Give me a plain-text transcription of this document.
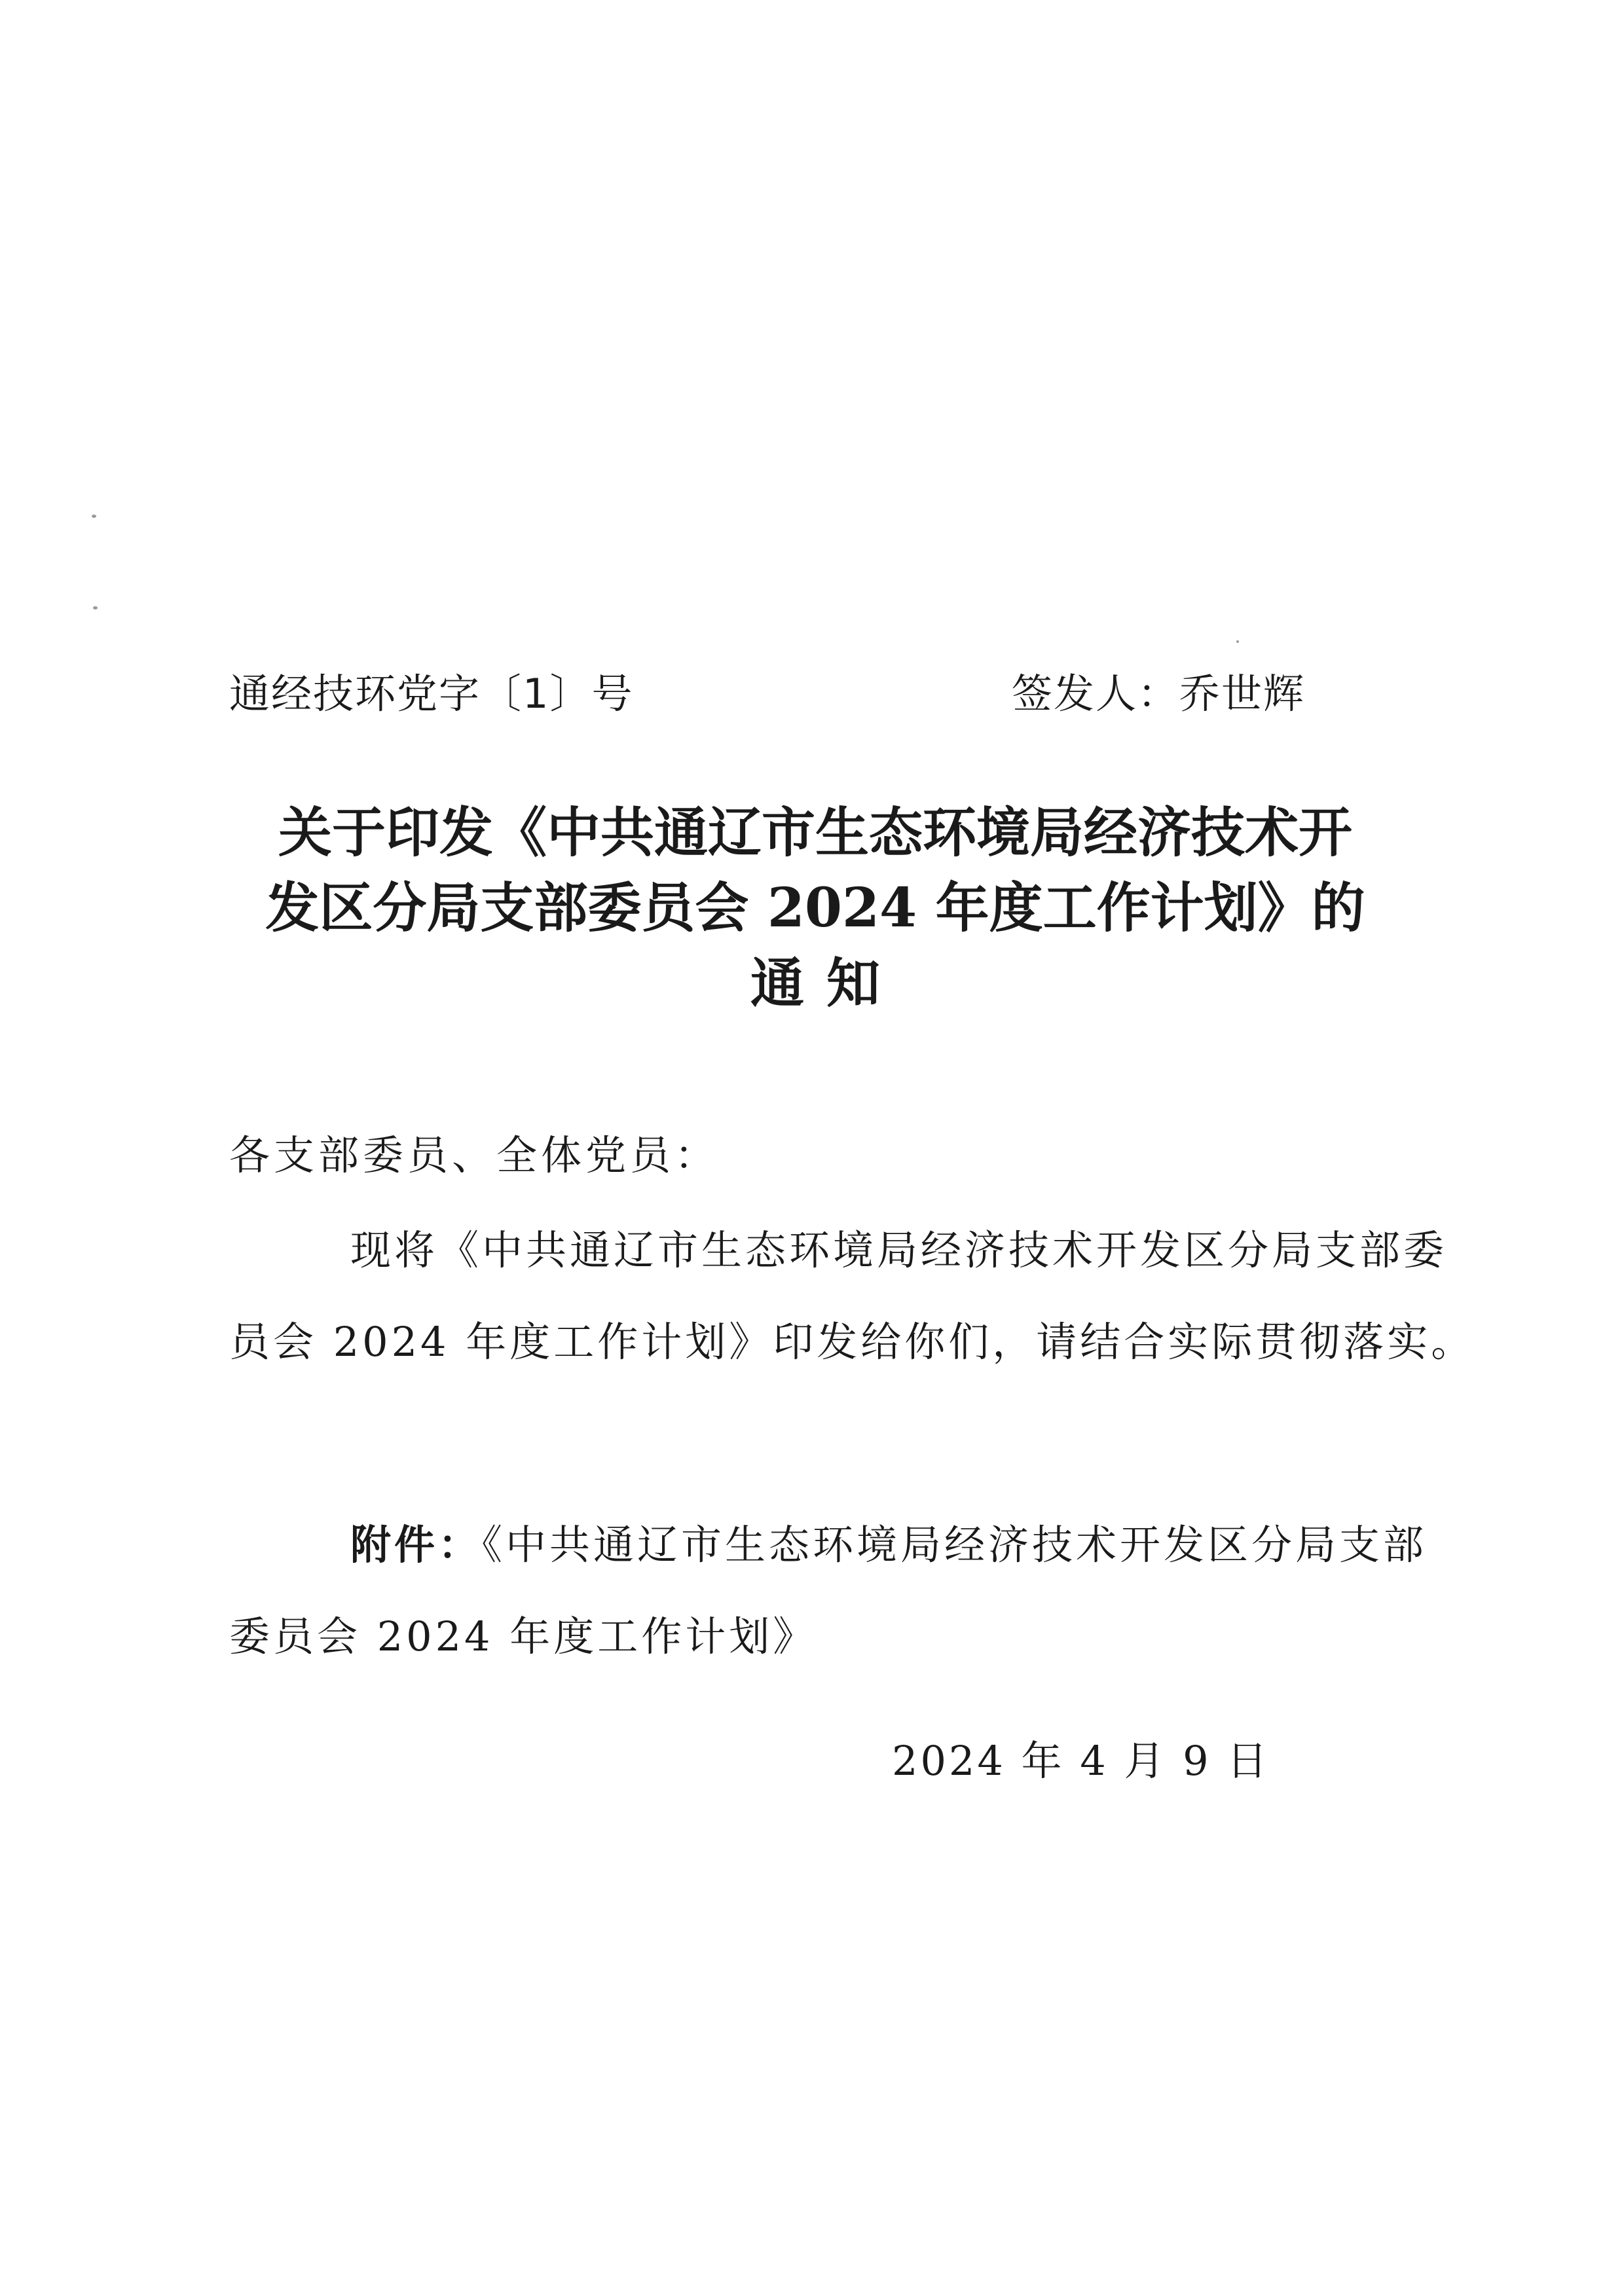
通经技环党字〔1〕号	签发人：乔世辉
关于印发《中共通辽市生态环境局经济技术开
发区分局支部委员会 2024 年度工作计划》的
通知
各支部委员、全体党员：
现将《中共通辽市生态环境局经济技术开发区分局支部委
员会 2024 年度工作计划》印发给你们，请结合实际贯彻落实。
附件：《中共通辽市生态环境局经济技术开发区分局支部
委员会 2024 年度工作计划》
2024 年 4 月 9 日
